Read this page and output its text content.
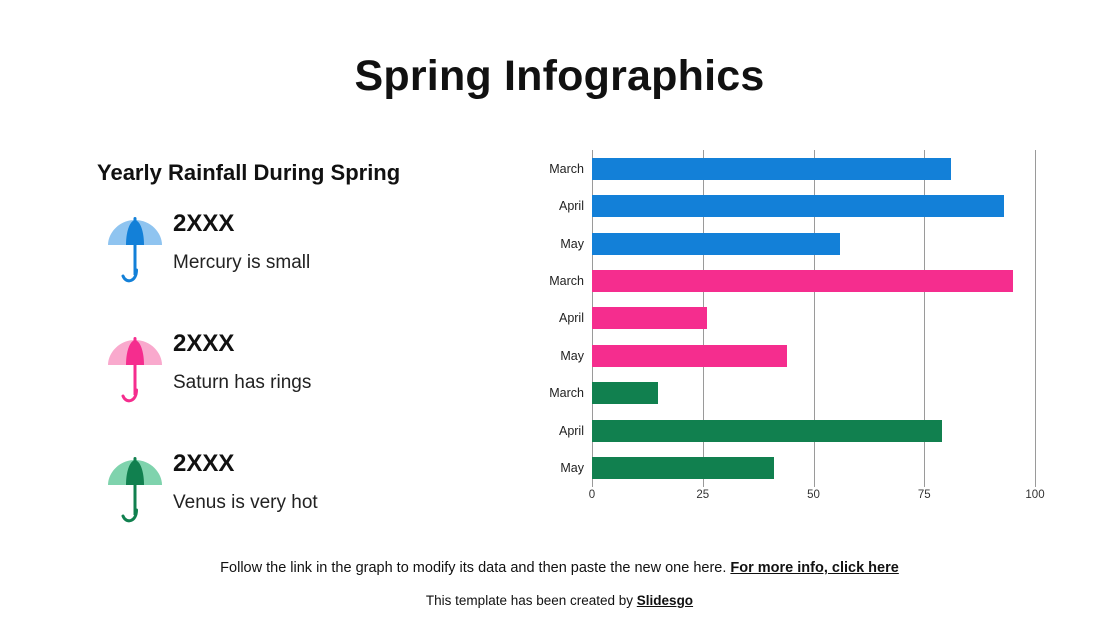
Spring Infographics
Yearly Rainfall During Spring
2XXX
Mercury is small
2XXX
Saturn has rings
2XXX
Venus is very hot
March
April
May
March
April
May
March
April
May
0	25	50	75	100
Follow the link in the graph to modify its data and then paste the new one here. For more info, click here
This template has been created by Slidesgo
